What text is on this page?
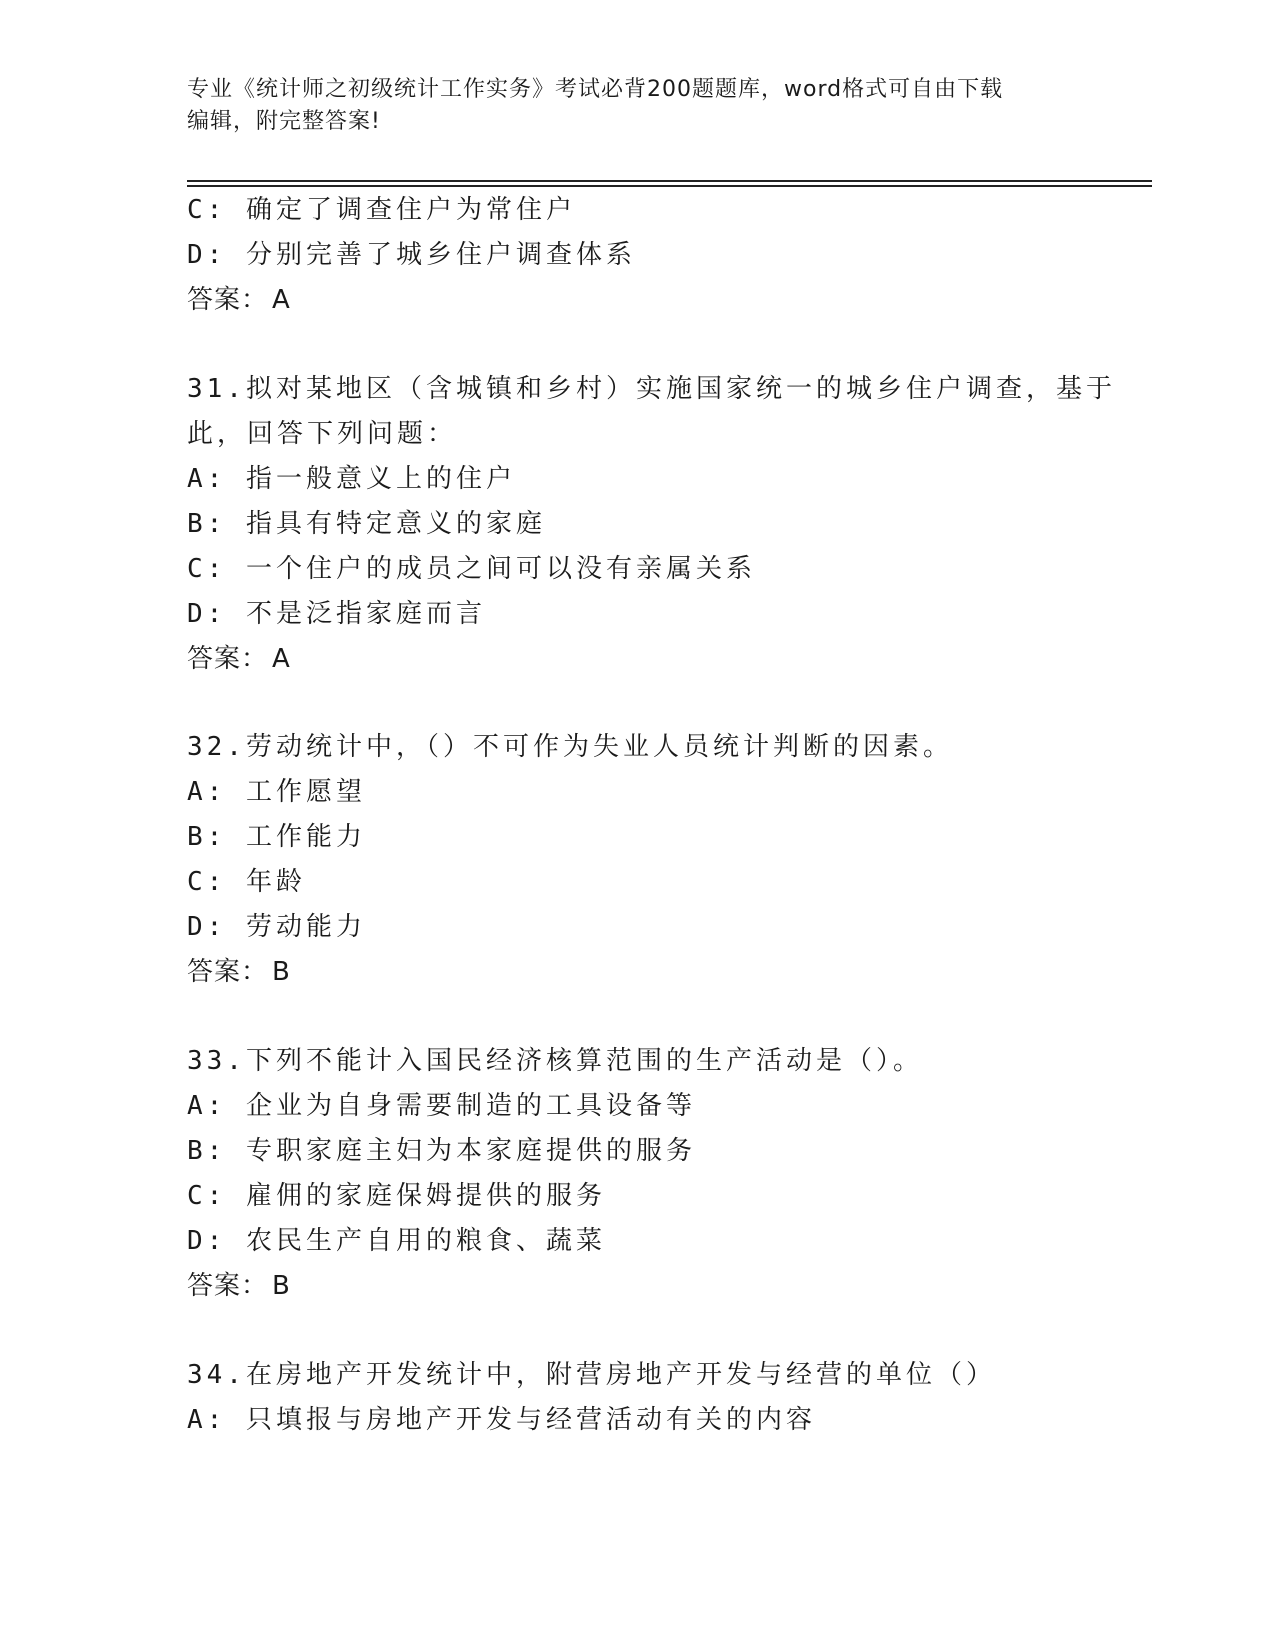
专业《统计师之初级统计工作实务》考试必背200题题库，word格式可自由下载
编辑，附完整答案!
C: 确定了调查住户为常住户
D: 分别完善了城乡住户调查体系
答案： A
31.拟对某地区（含城镇和乡村）实施国家统一的城乡住户调查，基于
此，回答下列问题：
A: 指一般意义上的住户
B: 指具有特定意义的家庭
C: 一个住户的成员之间可以没有亲属关系
D: 不是泛指家庭而言
答案： A
32.劳动统计中，（）不可作为失业人员统计判断的因素。
A: 工作愿望
B: 工作能力
C: 年龄
D: 劳动能力
答案： B
33.下列不能计入国民经济核算范围的生产活动是（）。
A: 企业为自身需要制造的工具设备等
B: 专职家庭主妇为本家庭提供的服务
C: 雇佣的家庭保姆提供的服务
D: 农民生产自用的粮食、蔬菜
答案： B
34.在房地产开发统计中，附营房地产开发与经营的单位（）
A: 只填报与房地产开发与经营活动有关的内容
